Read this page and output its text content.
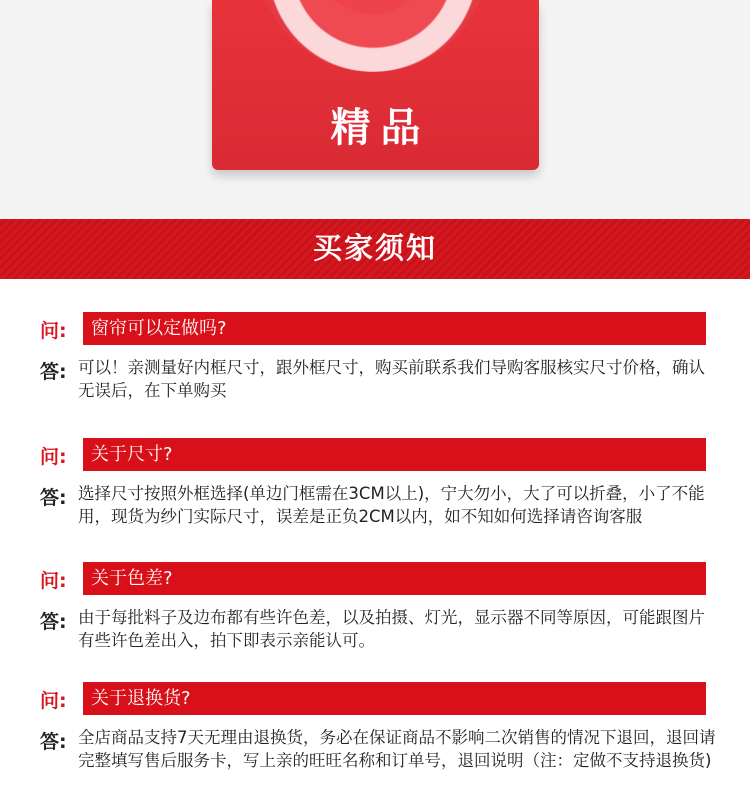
精品
买家须知
问:	窗帘可以定做吗?
答: 可以！亲测量好内框尺寸，跟外框尺寸，购买前联系我们导购客服核实尺寸价格，确认无误后，在下单购买
问:	关于尺寸?
答: 选择尺寸按照外框选择(单边门框需在3CM以上)，宁大勿小，大了可以折叠，小了不能用，现货为纱门实际尺寸，误差是正负2CM以内，如不知如何选择请咨询客服
问:	关于色差?
答: 由于每批料子及边布都有些许色差，以及拍摄、灯光，显示器不同等原因，可能跟图片有些许色差出入，拍下即表示亲能认可。
问:	关于退换货?
答: 全店商品支持7天无理由退换货，务必在保证商品不影响二次销售的情况下退回，退回请完整填写售后服务卡，写上亲的旺旺名称和订单号，退回说明（注：定做不支持退换货)
